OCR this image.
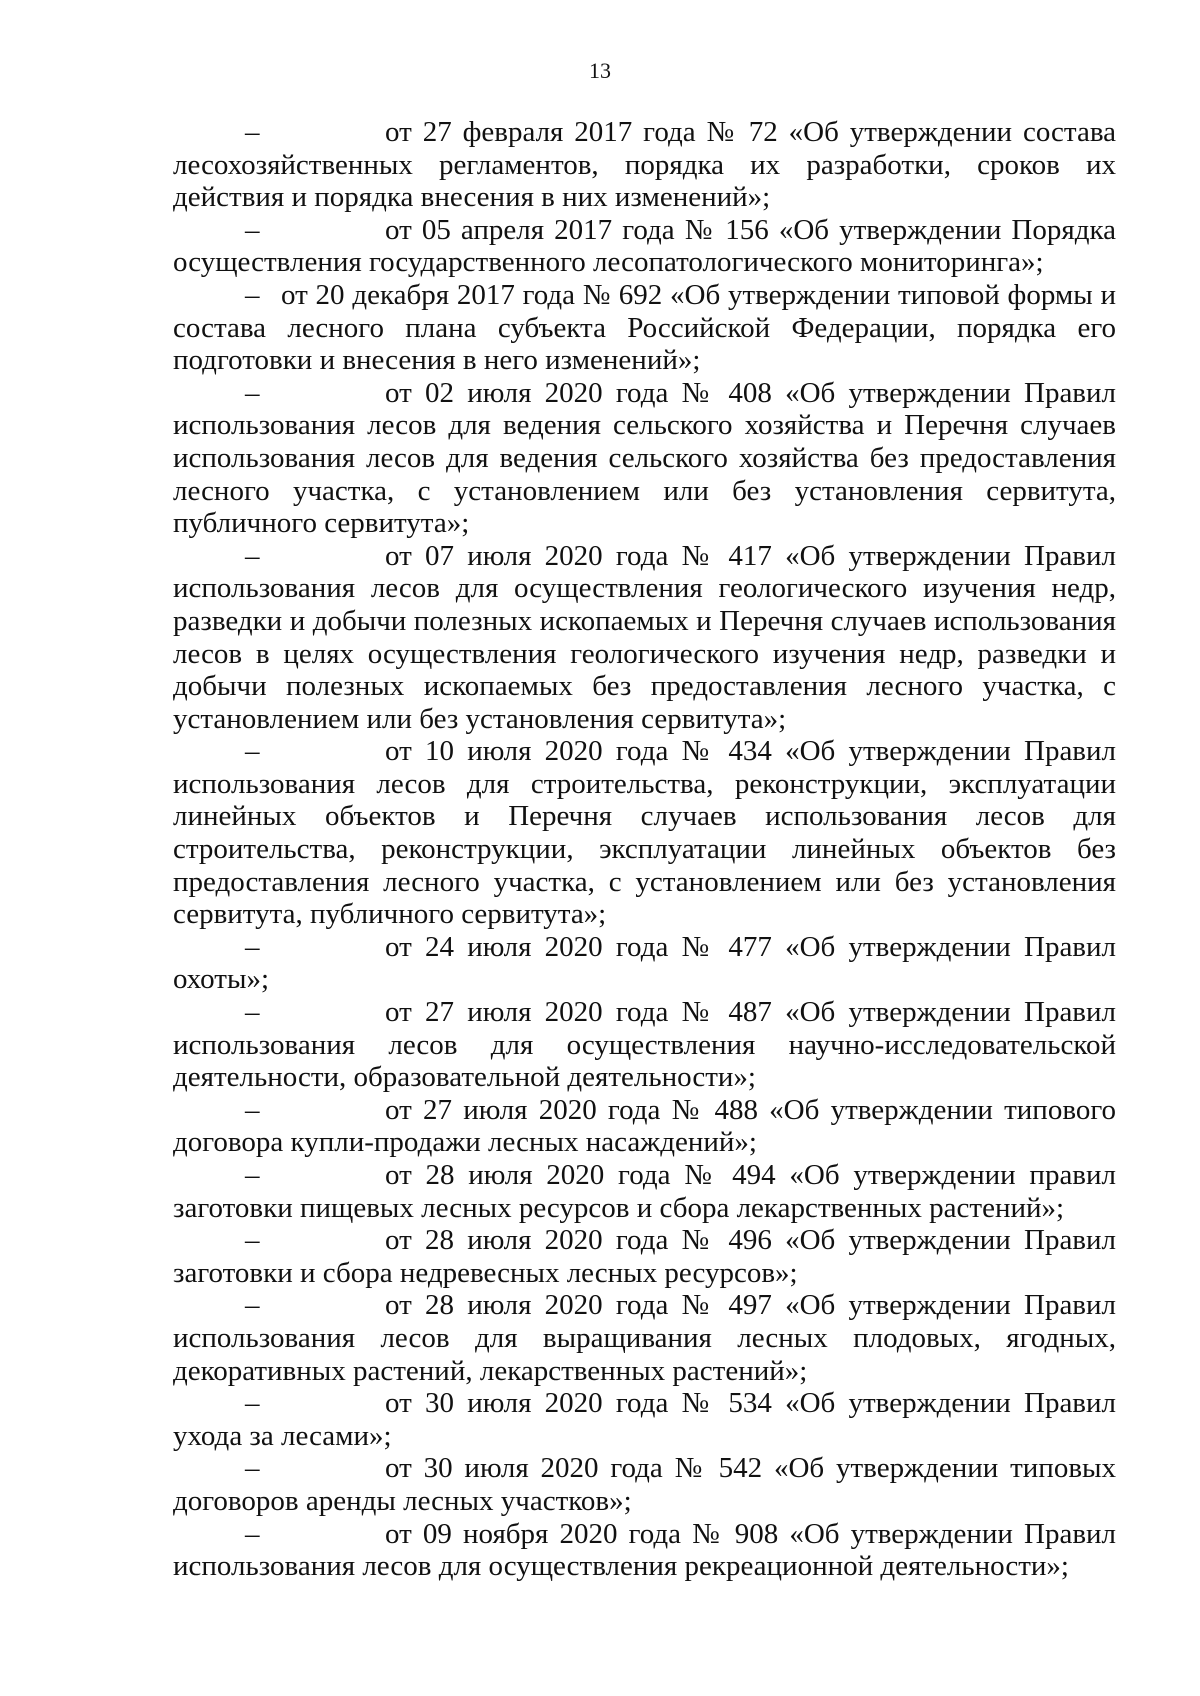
13

–	от 27 февраля 2017 года № 72 «Об утверждении состава лесохозяйственных регламентов, порядка их разработки, сроков их действия и порядка внесения в них изменений»;

–	от 05 апреля 2017 года № 156 «Об утверждении Порядка осуществления государственного лесопатологического мониторинга»;

– от 20 декабря 2017 года № 692 «Об утверждении типовой формы и состава лесного плана субъекта Российской Федерации, порядка его подготовки и внесения в него изменений»;

–	от 02 июля 2020 года № 408 «Об утверждении Правил использования лесов для ведения сельского хозяйства и Перечня случаев использования лесов для ведения сельского хозяйства без предоставления лесного участка, с установлением или без установления сервитута, публичного сервитута»;

–	от 07 июля 2020 года № 417 «Об утверждении Правил использования лесов для осуществления геологического изучения недр, разведки и добычи полезных ископаемых и Перечня случаев использования лесов в целях осуществления геологического изучения недр, разведки и добычи полезных ископаемых без предоставления лесного участка, с установлением или без установления сервитута»;

–	от 10 июля 2020 года № 434 «Об утверждении Правил использования лесов для строительства, реконструкции, эксплуатации линейных объектов и Перечня случаев использования лесов для строительства, реконструкции, эксплуатации линейных объектов без предоставления лесного участка, с установлением или без установления сервитута, публичного сервитута»;

–	от 24 июля 2020 года № 477 «Об утверждении Правил охоты»;

–	от 27 июля 2020 года № 487 «Об утверждении Правил использования лесов для осуществления научно-исследовательской деятельности, образовательной деятельности»;

–	от 27 июля 2020 года № 488 «Об утверждении типового договора купли-продажи лесных насаждений»;

–	от 28 июля 2020 года № 494 «Об утверждении правил заготовки пищевых лесных ресурсов и сбора лекарственных растений»;

–	от 28 июля 2020 года № 496 «Об утверждении Правил заготовки и сбора недревесных лесных ресурсов»;

–	от 28 июля 2020 года № 497 «Об утверждении Правил использования лесов для выращивания лесных плодовых, ягодных, декоративных растений, лекарственных растений»;

–	от 30 июля 2020 года № 534 «Об утверждении Правил ухода за лесами»;

–	от 30 июля 2020 года № 542 «Об утверждении типовых договоров аренды лесных участков»;

–	от 09 ноября 2020 года № 908 «Об утверждении Правил использования лесов для осуществления рекреационной деятельности»;
